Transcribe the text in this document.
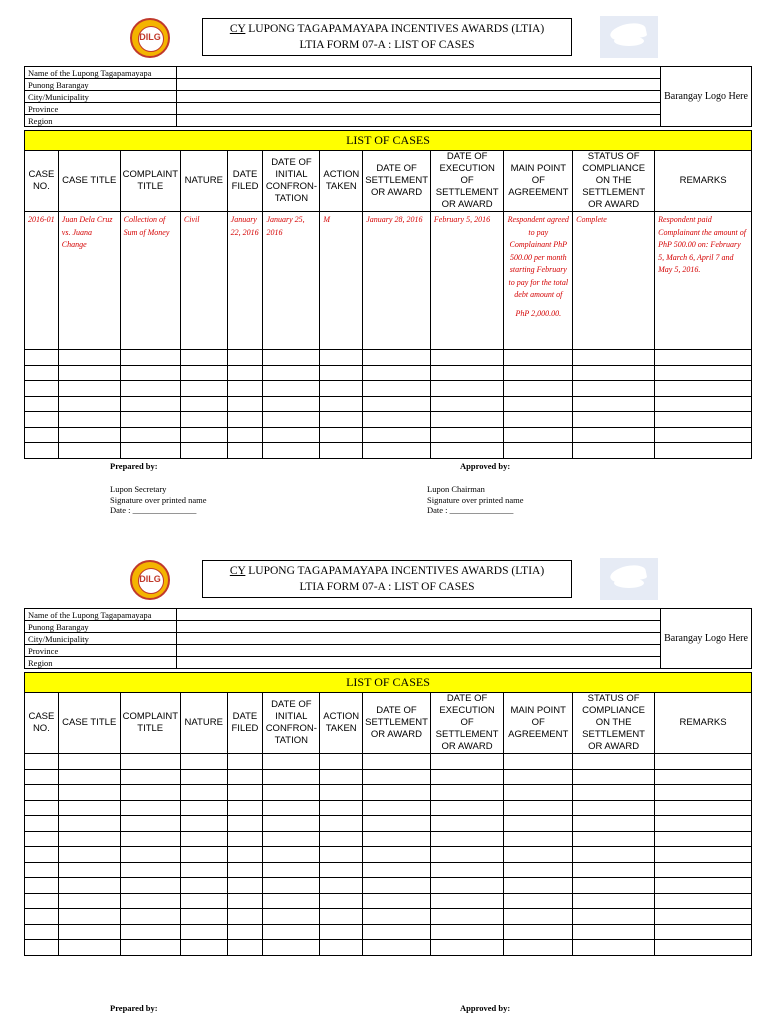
DILG
CY LUPONG TAGAPAMAYAPA INCENTIVES AWARDS (LTIA)
LTIA FORM 07-A : LIST OF CASES
Name of the Lupong Tagapamayapa		Barangay Logo Here
Punong Barangay		
City/Municipality		
Province		
Region		
LIST OF CASES											
CASE NO.	CASE TITLE	COMPLAINT TITLE	NATURE	DATE FILED	DATE OF INITIAL CONFRON-TATION	ACTION TAKEN	DATE OF SETTLEMENT OR AWARD	DATE OF EXECUTION OF SETTLEMENT OR AWARD	MAIN POINT OF AGREEMENT	STATUS OF COMPLIANCE ON THE SETTLEMENT OR AWARD	REMARKS
2016-01	Juan Dela Cruz vs. Juana Change	Collection of Sum of Money	Civil	January 22, 2016	January 25, 2016	M	January 28, 2016	February 5, 2016	Respondent agreed to pay Complainant PhP 500.00 per month starting February to pay for the total debt amount of
PhP 2,000.00.	Complete	Respondent paid Complainant the amount of PhP 500.00 on: February 5, March 6, April 7 and May 5, 2016.

Prepared by:	Approved by:
Lupon Secretary
Signature over printed name
Date : _______________
Lupon Chairman
Signature over printed name
Date : _______________
DILG
CY LUPONG TAGAPAMAYAPA INCENTIVES AWARDS (LTIA)
LTIA FORM 07-A : LIST OF CASES
Name of the Lupong Tagapamayapa		Barangay Logo Here
Punong Barangay		
City/Municipality		
Province		
Region		
LIST OF CASES											
CASE NO.	CASE TITLE	COMPLAINT TITLE	NATURE	DATE FILED	DATE OF INITIAL CONFRON-TATION	ACTION TAKEN	DATE OF SETTLEMENT OR AWARD	DATE OF EXECUTION OF SETTLEMENT OR AWARD	MAIN POINT OF AGREEMENT	STATUS OF COMPLIANCE ON THE SETTLEMENT OR AWARD	REMARKS

Prepared by:	Approved by:
